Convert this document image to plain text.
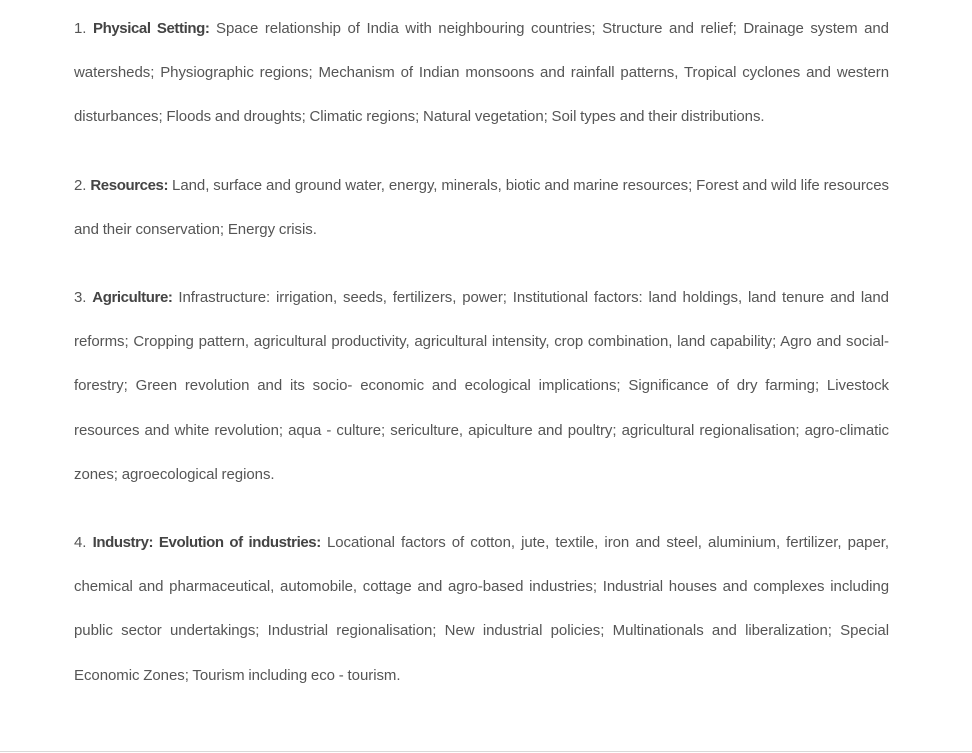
1. Physical Setting: Space relationship of India with neighbouring countries; Structure and relief; Drainage system and watersheds; Physiographic regions; Mechanism of Indian monsoons and rainfall patterns, Tropical cyclones and western disturbances; Floods and droughts; Climatic regions; Natural vegetation; Soil types and their distributions.

2. Resources: Land, surface and ground water, energy, minerals, biotic and marine resources; Forest and wild life resources and their conservation; Energy crisis.

3. Agriculture: Infrastructure: irrigation, seeds, fertilizers, power; Institutional factors: land holdings, land tenure and land reforms; Cropping pattern, agricultural productivity, agricultural intensity, crop combination, land capability; Agro and social-forestry; Green revolution and its socio- economic and ecological implications; Significance of dry farming; Livestock resources and white revolution; aqua - culture; sericulture, apiculture and poultry; agricultural regionalisation; agro-climatic zones; agroecological regions.

4. Industry: Evolution of industries: Locational factors of cotton, jute, textile, iron and steel, aluminium, fertilizer, paper, chemical and pharmaceutical, automobile, cottage and agro-based industries; Industrial houses and complexes including public sector undertakings; Industrial regionalisation; New industrial policies; Multinationals and liberalization; Special Economic Zones; Tourism including eco - tourism.
